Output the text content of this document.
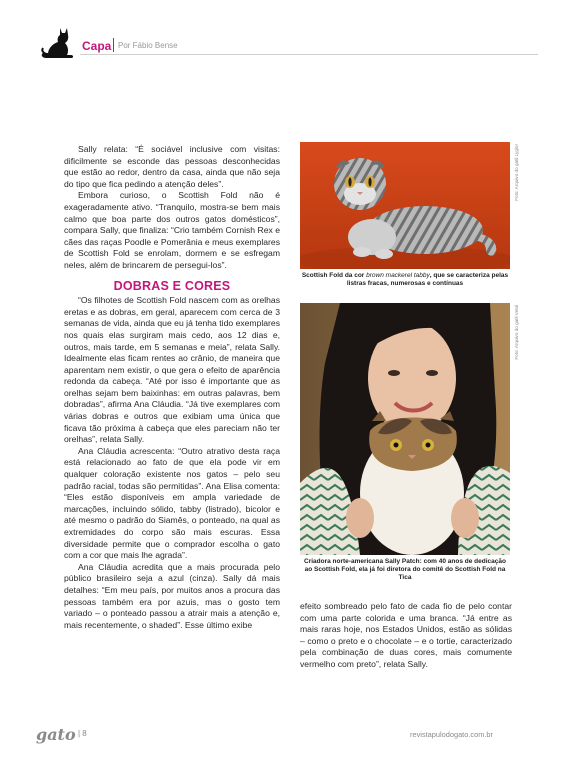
Capa Por Fábio Bense

Sally relata: “É sociável inclusive com visitas: dificilmente se esconde das pessoas desconhecidas que estão ao redor, dentro da casa, ainda que não seja do tipo que fica pedindo a atenção deles”.

Embora curioso, o Scottish Fold não é exageradamente ativo. “Tranquilo, mostra-se bem mais calmo que boa parte dos outros gatos domésticos”, compara Sally, que finaliza: “Crio também Cornish Rex e cães das raças Poodle e Pomerânia e meus exemplares de Scottish Fold se enrolam, dormem e se esfregam neles, além de brincarem de persegui-los”.

DOBRAS E CORES

“Os filhotes de Scottish Fold nascem com as orelhas eretas e as dobras, em geral, aparecem com cerca de 3 semanas de vida, ainda que eu já tenha tido exemplares nos quais elas surgiram mais cedo, aos 12 dias e, outros, mais tarde, em 5 semanas e meia”, relata Sally. Idealmente elas ficam rentes ao crânio, de maneira que aparentam nem existir, o que gera o efeito de aparência redonda da cabeça. “Até por isso é importante que as orelhas sejam bem baixinhas: em outras palavras, bem dobradas”, afirma Ana Cláudia. “Já tive exemplares com várias dobras e outros que exibiam uma única que ficava tão próxima à cabeça que eles pareciam não ter orelhas”, relata Sally.

Ana Cláudia acrescenta: “Outro atrativo desta raça está relacionado ao fato de que ela pode vir em qualquer coloração existente nos gatos – pelo seu padrão racial, todas são permitidas”. Ana Elisa comenta: “Eles estão disponíveis em ampla variedade de marcações, incluindo sólido, tabby (listrado), bicolor e até mesmo o padrão do Siamês, o ponteado, na qual as extremidades do corpo são mais escuras. Essa diversidade permite que o comprador escolha o gato com a cor que mais lhe agrada”.

Ana Cláudia acredita que a mais procurada pelo público brasileiro seja a azul (cinza). Sally dá mais detalhes: “Em meu país, por muitos anos a procura das pessoas também era por azuis, mas o gosto tem variado – o ponteado passou a atrair mais a atenção e, mais recentemente, o shaded”. Esse último exibe

Foto: Arquivo do gatil Lyglor
Scottish Fold da cor brown mackerel tabby, que se caracteriza pelas listras fracas, numerosas e contínuas
Foto: Arquivo do gatil Vetal
Criadora norte-americana Sally Patch: com 40 anos de dedicação ao Scottish Fold, ela já foi diretora do comitê do Scottish Fold na Tica

efeito sombreado pelo fato de cada fio de pelo contar com uma parte colorida e uma branca. “Já entre as mais raras hoje, nos Estados Unidos, estão as sólidas – como o preto e o chocolate – e o tortie, caracterizado pela combinação de duas cores, mais comumente vermelho com preto”, relata Sally.

gato | 8	revistapulodogato.com.br
